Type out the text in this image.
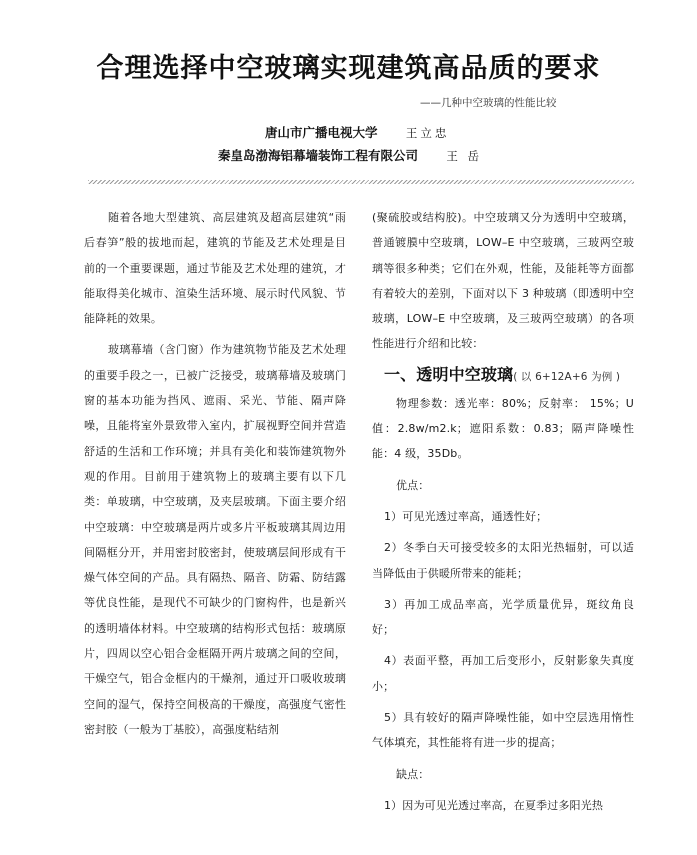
合理选择中空玻璃实现建筑高品质的要求
——几种中空玻璃的性能比较
唐山市广播电视大学 王立忠
秦皇岛渤海铝幕墙装饰工程有限公司 王 岳

随着各地大型建筑、高层建筑及超高层建筑“雨后春笋”般的拔地而起，建筑的节能及艺术处理是目前的一个重要课题，通过节能及艺术处理的建筑，才能取得美化城市、渲染生活环境、展示时代风貌、节能降耗的效果。

玻璃幕墙（含门窗）作为建筑物节能及艺术处理的重要手段之一，已被广泛接受，玻璃幕墙及玻璃门窗的基本功能为挡风、遮雨、采光、节能、隔声降噪，且能将室外景致带入室内，扩展视野空间并营造舒适的生活和工作环境；并具有美化和装饰建筑物外观的作用。目前用于建筑物上的玻璃主要有以下几类：单玻璃，中空玻璃，及夹层玻璃。下面主要介绍中空玻璃：中空玻璃是两片或多片平板玻璃其周边用间隔框分开，并用密封胶密封，使玻璃层间形成有干燥气体空间的产品。具有隔热、隔音、防霜、防结露等优良性能，是现代不可缺少的门窗构件，也是新兴的透明墙体材料。中空玻璃的结构形式包括：玻璃原片，四周以空心铝合金框隔开两片玻璃之间的空间，干燥空气，铝合金框内的干燥剂，通过开口吸收玻璃空间的湿气，保持空间极高的干燥度，高强度气密性密封胶（一般为丁基胶），高强度粘结剂

(聚硫胶或结构胶)。中空玻璃又分为透明中空玻璃，普通镀膜中空玻璃，LOW–E 中空玻璃，三玻两空玻璃等很多种类；它们在外观，性能，及能耗等方面都有着较大的差别，下面对以下 3 种玻璃（即透明中空玻璃，LOW–E 中空玻璃，及三玻两空玻璃）的各项性能进行介绍和比较：

一、透明中空玻璃( 以 6+12A+6 为例 )

物理参数：透光率：80%；反射率： 15%；U 值：2.8w/m2.k；遮阳系数：0.83；隔声降噪性能：4 级，35Db。

优点：

1）可见光透过率高，通透性好；

2）冬季白天可接受较多的太阳光热辐射，可以适当降低由于供暖所带来的能耗；

3）再加工成品率高，光学质量优异，斑纹角良好；

4）表面平整，再加工后变形小，反射影象失真度小；

5）具有较好的隔声降噪性能，如中空层选用惰性气体填充，其性能将有进一步的提高；

缺点：

1）因为可见光透过率高，在夏季过多阳光热
